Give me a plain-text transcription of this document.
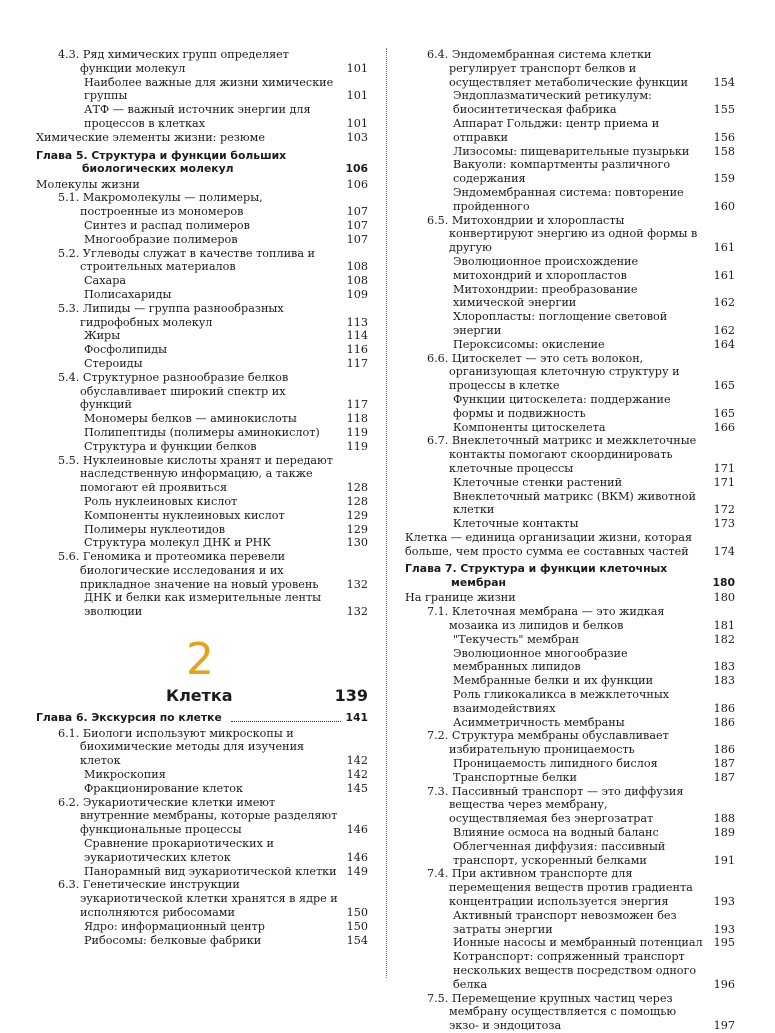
4.3. Ряд химических групп определяет функции молекул	101
Наиболее важные для жизни химические группы	101
АТФ — важный источник энергии для процессов в клетках	101
Химические элементы жизни: резюме	103
Глава 5. Структура и функции больших биологических молекул	106
Молекулы жизни	106
5.1. Макромолекулы — полимеры, построенные из мономеров	107
Синтез и распад полимеров	107
Многообразие полимеров	107
5.2. Углеводы служат в качестве топлива и строительных материалов	108
Сахара	108
Полисахариды	109
5.3. Липиды — группа разнообразных гидрофобных молекул	113
Жиры	114
Фосфолипиды	116
Стероиды	117
5.4. Структурное разнообразие белков обуславливает широкий спектр их функций	117
Мономеры белков — аминокислоты	118
Полипептиды (полимеры аминокислот)	119
Структура и функции белков	119
5.5. Нуклеиновые кислоты хранят и передают наследственную информацию, а также помогают ей проявиться	128
Роль нуклеиновых кислот	128
Компоненты нуклеиновых кислот	129
Полимеры нуклеотидов	129
Структура молекул ДНК и РНК	130
5.6. Геномика и протеомика перевели биологические исследования и их прикладное значение на новый уровень	132
ДНК и белки как измерительные ленты эволюции	132
2
Клетка	139
Глава 6. Экскурсия по клетке	141
6.1. Биологи используют микроскопы и биохимические методы для изучения клеток	142
Микроскопия	142
Фракционирование клеток	145
6.2. Эукариотические клетки имеют внутренние мембраны, которые разделяют функциональные процессы	146
Сравнение прокариотических и эукариотических клеток	146
Панорамный вид эукариотической клетки 149
6.3. Генетические инструкции эукариотической клетки хранятся в ядре и исполняются рибосомами	150
Ядро: информационный центр	150
Рибосомы: белковые фабрики	154
6.4. Эндомембранная система клетки регулирует транспорт белков и осуществляет метаболические функции	154
Эндоплазматический ретикулум: биосинтетическая фабрика	155
Аппарат Гольджи: центр приема и отправки	156
Лизосомы: пищеварительные пузырьки	158
Вакуоли: компартменты различного содержания	159
Эндомембранная система: повторение пройденного	160
6.5. Митохондрии и хлоропласты конвертируют энергию из одной формы в другую	161
Эволюционное происхождение митохондрий и хлоропластов	161
Митохондрии: преобразование химической энергии	162
Хлоропласты: поглощение световой энергии	162
Пероксисомы: окисление	164
6.6. Цитоскелет — это сеть волокон, организующая клеточную структуру и процессы в клетке	165
Функции цитоскелета: поддержание формы и подвижность	165
Компоненты цитоскелета	166
6.7. Внеклеточный матрикс и межклеточные контакты помогают скоординировать клеточные процессы	171
Клеточные стенки растений	171
Внеклеточный матрикс (ВКМ) животной клетки	172
Клеточные контакты	173
Клетка — единица организации жизни, которая больше, чем просто сумма ее составных частей	174
Глава 7. Структура и функции клеточных мембран	180
На границе жизни	180
7.1. Клеточная мембрана — это жидкая мозаика из липидов и белков	181
"Текучесть" мембран	182
Эволюционное многообразие мембранных липидов	183
Мембранные белки и их функции	183
Роль гликокаликса в межклеточных взаимодействиях	186
Асимметричность мембраны	186
7.2. Структура мембраны обуславливает избирательную проницаемость	186
Проницаемость липидного бислоя	187
Транспортные белки	187
7.3. Пассивный транспорт — это диффузия вещества через мембрану, осуществляемая без энергозатрат	188
Влияние осмоса на водный баланс	189
Облегченная диффузия: пассивный транспорт, ускоренный белками	191
7.4. При активном транспорте для перемещения веществ против градиента концентрации используется энергия	193
Активный транспорт невозможен без затраты энергии	193
Ионные насосы и мембранный потенциал 195
Котранспорт: сопряженный транспорт нескольких веществ посредством одного белка	196
7.5. Перемещение крупных частиц через мембрану осуществляется с помощью экзо- и эндоцитоза	197
